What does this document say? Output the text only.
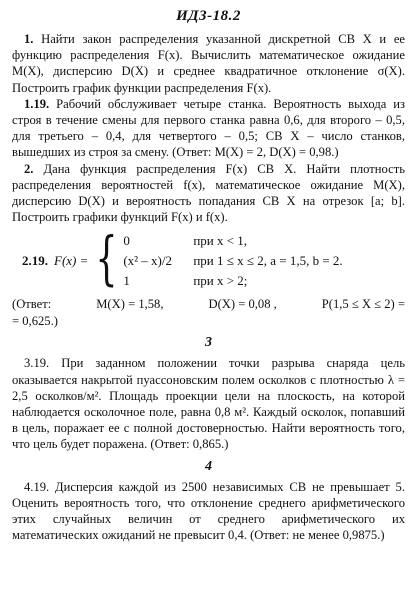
ИДЗ-18.2

1. Найти закон распределения указанной дискретной СВ X и ее функцию распределения F(x). Вычислить математическое ожидание M(X), дисперсию D(X) и среднее квадратичное отклонение σ(X). Построить график функции распределения F(x).

1.19. Рабочий обслуживает четыре станка. Вероятность выхода из строя в течение смены для первого станка равна 0,6, для второго – 0,5, для третьего – 0,4, для четвертого – 0,5; СВ X – число станков, вышедших из строя за смену. (Ответ: M(X) = 2, D(X) = 0,98.)

2. Дана функция распределения F(x) СВ X. Найти плотность распределения вероятностей f(x), математическое ожидание M(X), дисперсию D(X) и вероятность попадания СВ X на отрезок [a; b]. Построить графики функций F(x) и f(x).

2.19. F(x) = { 0	при x < 1,
(x² – x)/2	при 1 ≤ x ≤ 2, a = 1,5, b = 2.
1	при x > 2;
(Ответ:	M(X) = 1,58,	D(X) = 0,08 ,	P(1,5 ≤ X ≤ 2) =
= 0,625.)
3

3.19. При заданном положении точки разрыва снаряда цель оказывается накрытой пуассоновским полем осколков с плотностью λ = 2,5 осколков/м². Площадь проекции цели на плоскость, на которой наблюдается осколочное поле, равна 0,8 м². Каждый осколок, попавший в цель, поражает ее с полной достоверностью. Найти вероятность того, что цель будет поражена. (Ответ: 0,865.)

4

4.19. Дисперсия каждой из 2500 независимых СВ не превышает 5. Оценить вероятность того, что отклонение среднего арифметического этих случайных величин от среднего арифметического их математических ожиданий не превысит 0,4. (Ответ: не менее 0,9875.)
